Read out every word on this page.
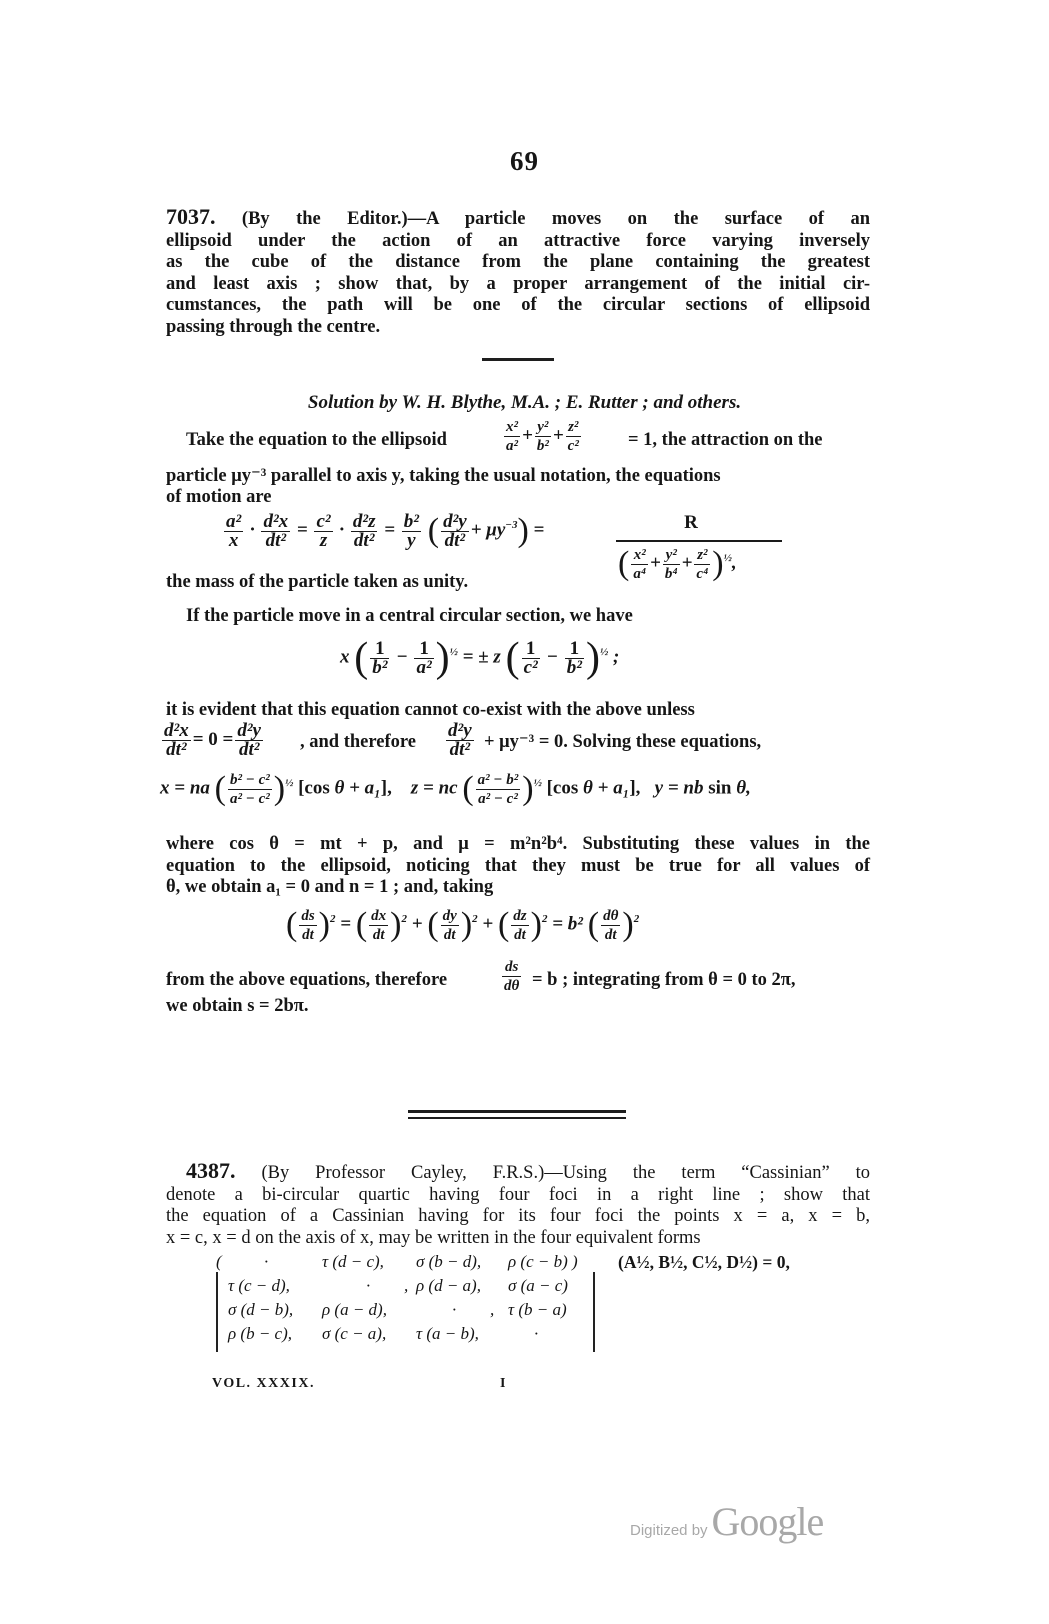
69
7037. (By the Editor.)—A particle moves on the surface of an
ellipsoid under the action of an attractive force varying inversely
as the cube of the distance from the plane containing the greatest
and least axis ; show that, by a proper arrangement of the initial cir-
cumstances, the path will be one of the circular sections of ellipsoid
passing through the centre.
Solution by W. H. Blythe, M.A. ; E. Rutter ; and others.
Take the equation to the ellipsoid	$\frac{\text{x²}}{\text{a²}} + \frac{\text{y²}}{\text{b²}} + \frac{\text{z²}}{\text{c²}}$	= 1, the attraction on the
particle μy⁻³ parallel to axis y, taking the usual notation, the equations
of motion are
$\frac{\text{a²}}{x} \cdot \frac{\text{d²x}}{\text{dt²}} = \frac{\text{c²}}{z} \cdot \frac{\text{d²z}}{\text{dt²}} = \frac{\text{b²}}{y}$ ( $\frac{\text{d²y}}{\text{dt²}} + \mu y^{-3}$) =	R
( $\frac{\text{x²}}{\text{a⁴}} + \frac{\text{y²}}{\text{b⁴}} + \frac{\text{z²}}{\text{c⁴}} )^{\frac{1}{2}}$,
the mass of the particle taken as unity.
If the particle move in a central circular section, we have
x ( $\frac{1}{\text{b²}} - \frac{1}{\text{a²}} )^{\frac{1}{2}}$ = ± z ( $\frac{1}{\text{c²}} - \frac{1}{\text{b²}} )^{\frac{1}{2}}$ ;
it is evident that this equation cannot co-exist with the above unless
$\frac{\text{d²x}}{\text{dt²}} = 0 = \frac{\text{d²y}}{\text{dt²}}$ , and therefore $\frac{\text{d²y}}{\text{dt²}} + \mu y^{-3} = 0$. Solving these equations,
x = na ( $\frac{\text{b² − c²}}{\text{a² − c²}} )^{\frac{1}{2}}$ [cos θ + a₁],    z = nc ( $\frac{\text{a² − b²}}{\text{a² − c²}} )^{\frac{1}{2}}$ [cos θ + a₁],   y = nb sin θ,
where cos θ = mt + p, and μ = m²n²b⁴. Substituting these values in the
equation to the ellipsoid, noticing that they must be true for all values of
θ, we obtain a₁ = 0 and n = 1 ; and, taking
( $\frac{ds}{dt} )^2$ = ( $\frac{dx}{dt} )^2$ + ( $\frac{dy}{dt} )^2$ + ( $\frac{dz}{dt} )^2 = b^2$ ( $\frac{d\theta}{dt} )^2$
from the above equations, therefore	$\frac{ds}{d\theta} = b$ ; integrating from θ = 0 to 2π,
we obtain s = 2bπ.
4387. (By Professor Cayley, F.R.S.)—Using the term “Cassinian” to
denote a bi-circular quartic having four foci in a right line ; show that
the equation of a Cassinian having for its four foci the points x = a, x = b,
x = c, x = d on the axis of x, may be written in the four equivalent forms
( ·	τ (d − c), σ (b − d), ρ (c − b) )
τ (c − d),	· , ρ (d − a), σ (a − c)
σ (d − b), ρ (a − d),	· , τ (b − a)
ρ (b − c), σ (c − a), τ (a − b),	·
(A½, B½, C½, D½) = 0,
VOL. XXXIX.	I
Digitized by Google
